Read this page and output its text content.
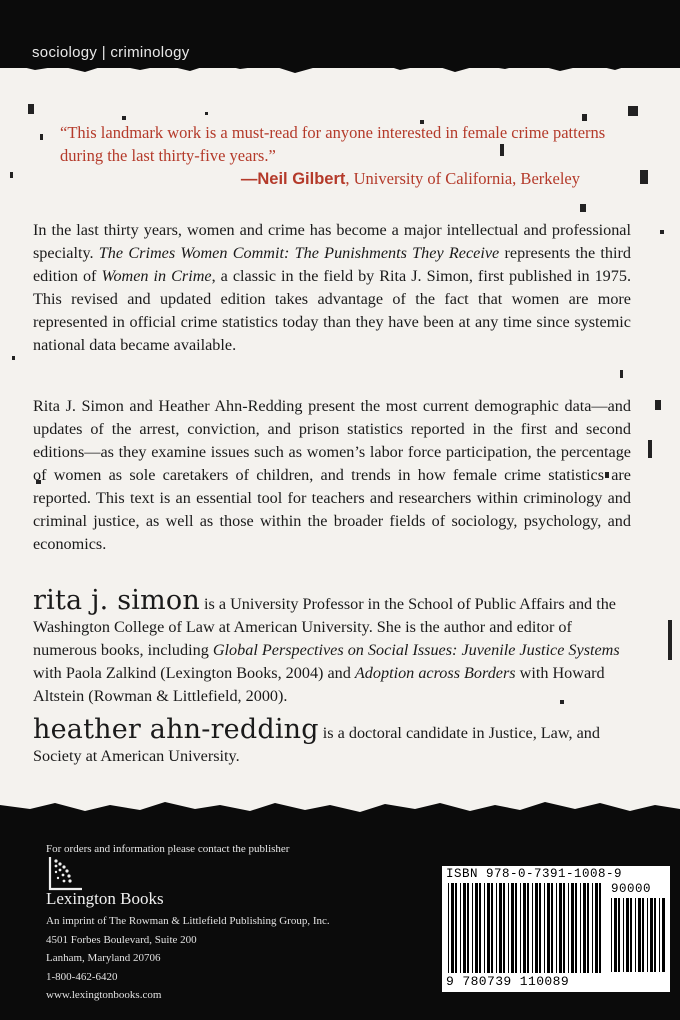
sociology | criminology
“This landmark work is a must-read for anyone interested in female crime patterns during the last thirty-five years.”
—Neil Gilbert, University of California, Berkeley
In the last thirty years, women and crime has become a major intellectual and professional specialty. The Crimes Women Commit: The Punishments They Receive represents the third edition of Women in Crime, a classic in the field by Rita J. Simon, first published in 1975. This revised and updated edition takes advantage of the fact that women are more represented in official crime statistics today than they have been at any time since systemic national data became available.
Rita J. Simon and Heather Ahn-Redding present the most current demographic data—and updates of the arrest, conviction, and prison statistics reported in the first and second editions—as they examine issues such as women’s labor force participation, the percentage of women as sole caretakers of children, and trends in how female crime statistics are reported. This text is an essential tool for teachers and researchers within criminology and criminal justice, as well as those within the broader fields of sociology, psychology, and economics.
rita j. simon is a University Professor in the School of Public Affairs and the Washington College of Law at American University. She is the author and editor of numerous books, including Global Perspectives on Social Issues: Juvenile Justice Systems with Paola Zalkind (Lexington Books, 2004) and Adoption across Borders with Howard Altstein (Rowman & Littlefield, 2000).
heather ahn-redding is a doctoral candidate in Justice, Law, and Society at American University.
For orders and information please contact the publisher
Lexington Books
An imprint of The Rowman & Littlefield Publishing Group, Inc.
4501 Forbes Boulevard, Suite 200
Lanham, Maryland 20706
1-800-462-6420
www.lexingtonbooks.com
ISBN 978-0-7391-1008-9
90000
9 780739 110089
